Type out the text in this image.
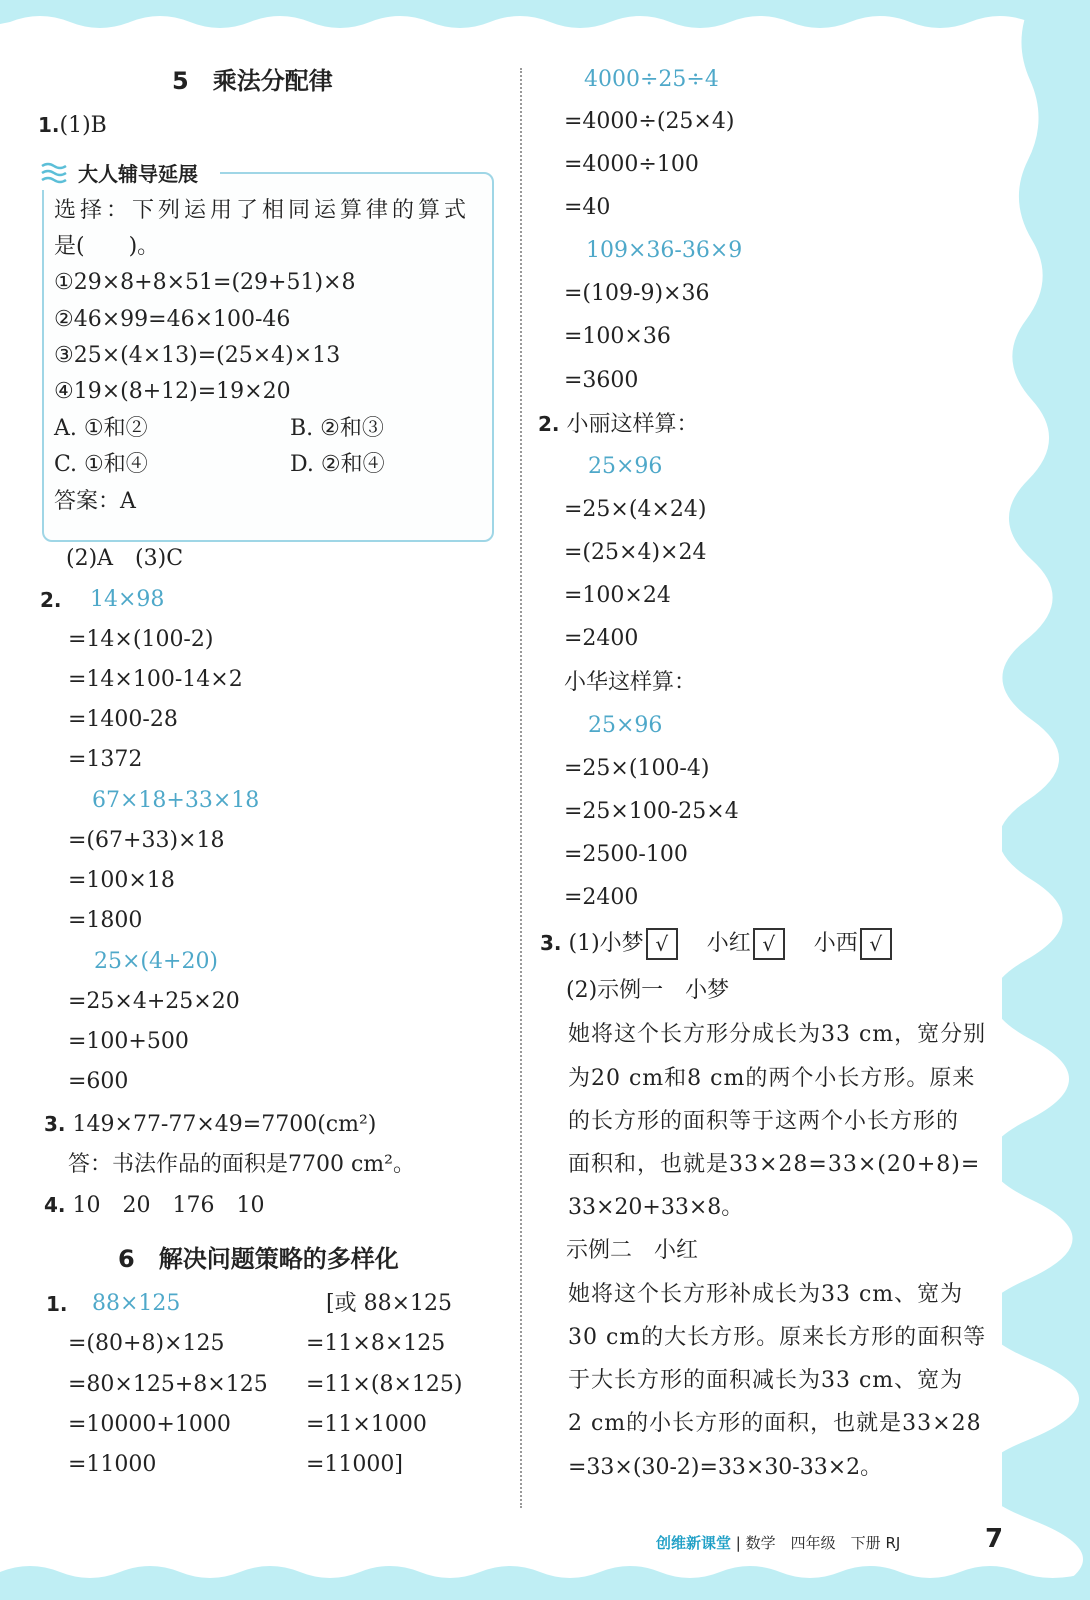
5　 乘法分配律
1.(1)B
大人辅导延展
选择：下列运用了相同运算律的算式
是(　　)。
①29×8+8×51=(29+51)×8
②46×99=46×100-46
③25×(4×13)=(25×4)×13
④19×(8+12)=19×20
A. ①和②	B. ②和③
C. ①和④	D. ②和④
答案：A
(2)A　(3)C
2. 14×98
=14×(100-2)
=14×100-14×2
=1400-28
=1372
67×18+33×18
=(67+33)×18
=100×18
=1800
25×(4+20)
=25×4+25×20
=100+500
=600
3. 149×77-77×49=7700(cm²)
答：书法作品的面积是7700 cm²。
4. 10　20　176　10
6　 解决问题策略的多样化
1. 88×125
=(80+8)×125
=80×125+8×125
=10000+1000
=11000
[或 88×125
=11×8×125
=11×(8×125)
=11×1000
=11000]
4000÷25÷4
=4000÷(25×4)
=4000÷100
=40
109×36-36×9
=(109-9)×36
=100×36
=3600
2. 小丽这样算：
25×96
=25×(4×24)
=(25×4)×24
=100×24
=2400
小华这样算：
25×96
=25×(100-4)
=25×100-25×4
=2500-100
=2400
3. (1)小梦 √ 　 小红 √ 　 小西 √
(2)示例一　小梦
她将这个长方形分成长为33 cm，宽分别
为20 cm和8 cm的两个小长方形。原来
的长方形的面积等于这两个小长方形的
面积和，也就是33×28=33×(20+8)=
33×20+33×8。
示例二　小红
她将这个长方形补成长为33 cm、宽为
30 cm的大长方形。原来长方形的面积等
于大长方形的面积减长为33 cm、宽为
2 cm的小长方形的面积，也就是33×28
=33×(30-2)=33×30-33×2。
创维新课堂 | 数学　 四年级　 下册 RJ	7
